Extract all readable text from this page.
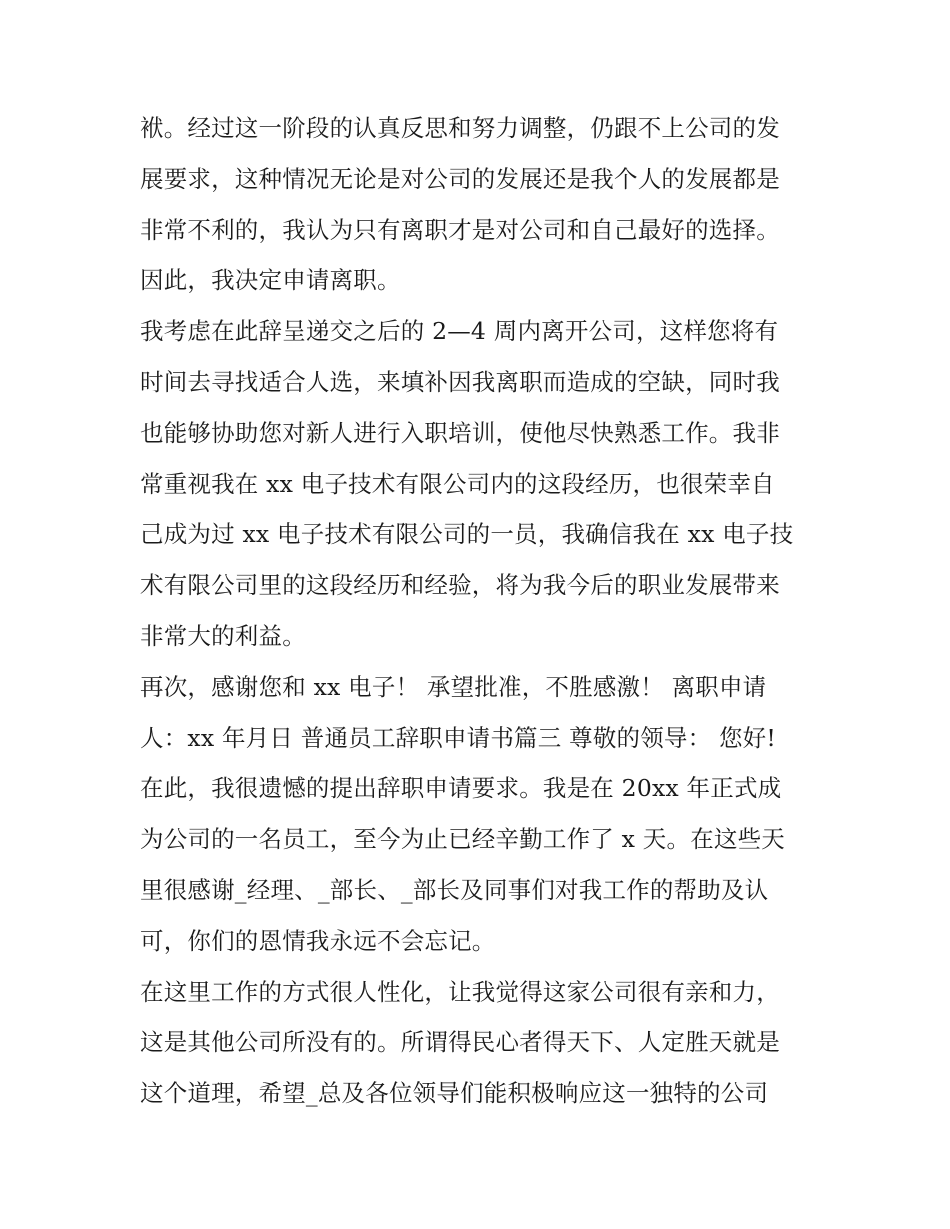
袱。经过这一阶段的认真反思和努力调整，仍跟不上公司的发
展要求，这种情况无论是对公司的发展还是我个人的发展都是
非常不利的，我认为只有离职才是对公司和自己最好的选择。
因此，我决定申请离职。
我考虑在此辞呈递交之后的 2—4 周内离开公司，这样您将有
时间去寻找适合人选，来填补因我离职而造成的空缺，同时我
也能够协助您对新人进行入职培训，使他尽快熟悉工作。我非
常重视我在 xx 电子技术有限公司内的这段经历，也很荣幸自
己成为过 xx 电子技术有限公司的一员，我确信我在 xx 电子技
术有限公司里的这段经历和经验，将为我今后的职业发展带来
非常大的利益。
再次，感谢您和 xx 电子！ 承望批准，不胜感激！ 离职申请
人：xx 年月日 普通员工辞职申请书篇三 尊敬的领导： 您好!
在此，我很遗憾的提出辞职申请要求。我是在 20xx 年正式成
为公司的一名员工，至今为止已经辛勤工作了 x 天。在这些天
里很感谢_经理、_部长、_部长及同事们对我工作的帮助及认
可，你们的恩情我永远不会忘记。
在这里工作的方式很人性化，让我觉得这家公司很有亲和力，
这是其他公司所没有的。所谓得民心者得天下、人定胜天就是
这个道理，希望_总及各位领导们能积极响应这一独特的公司
